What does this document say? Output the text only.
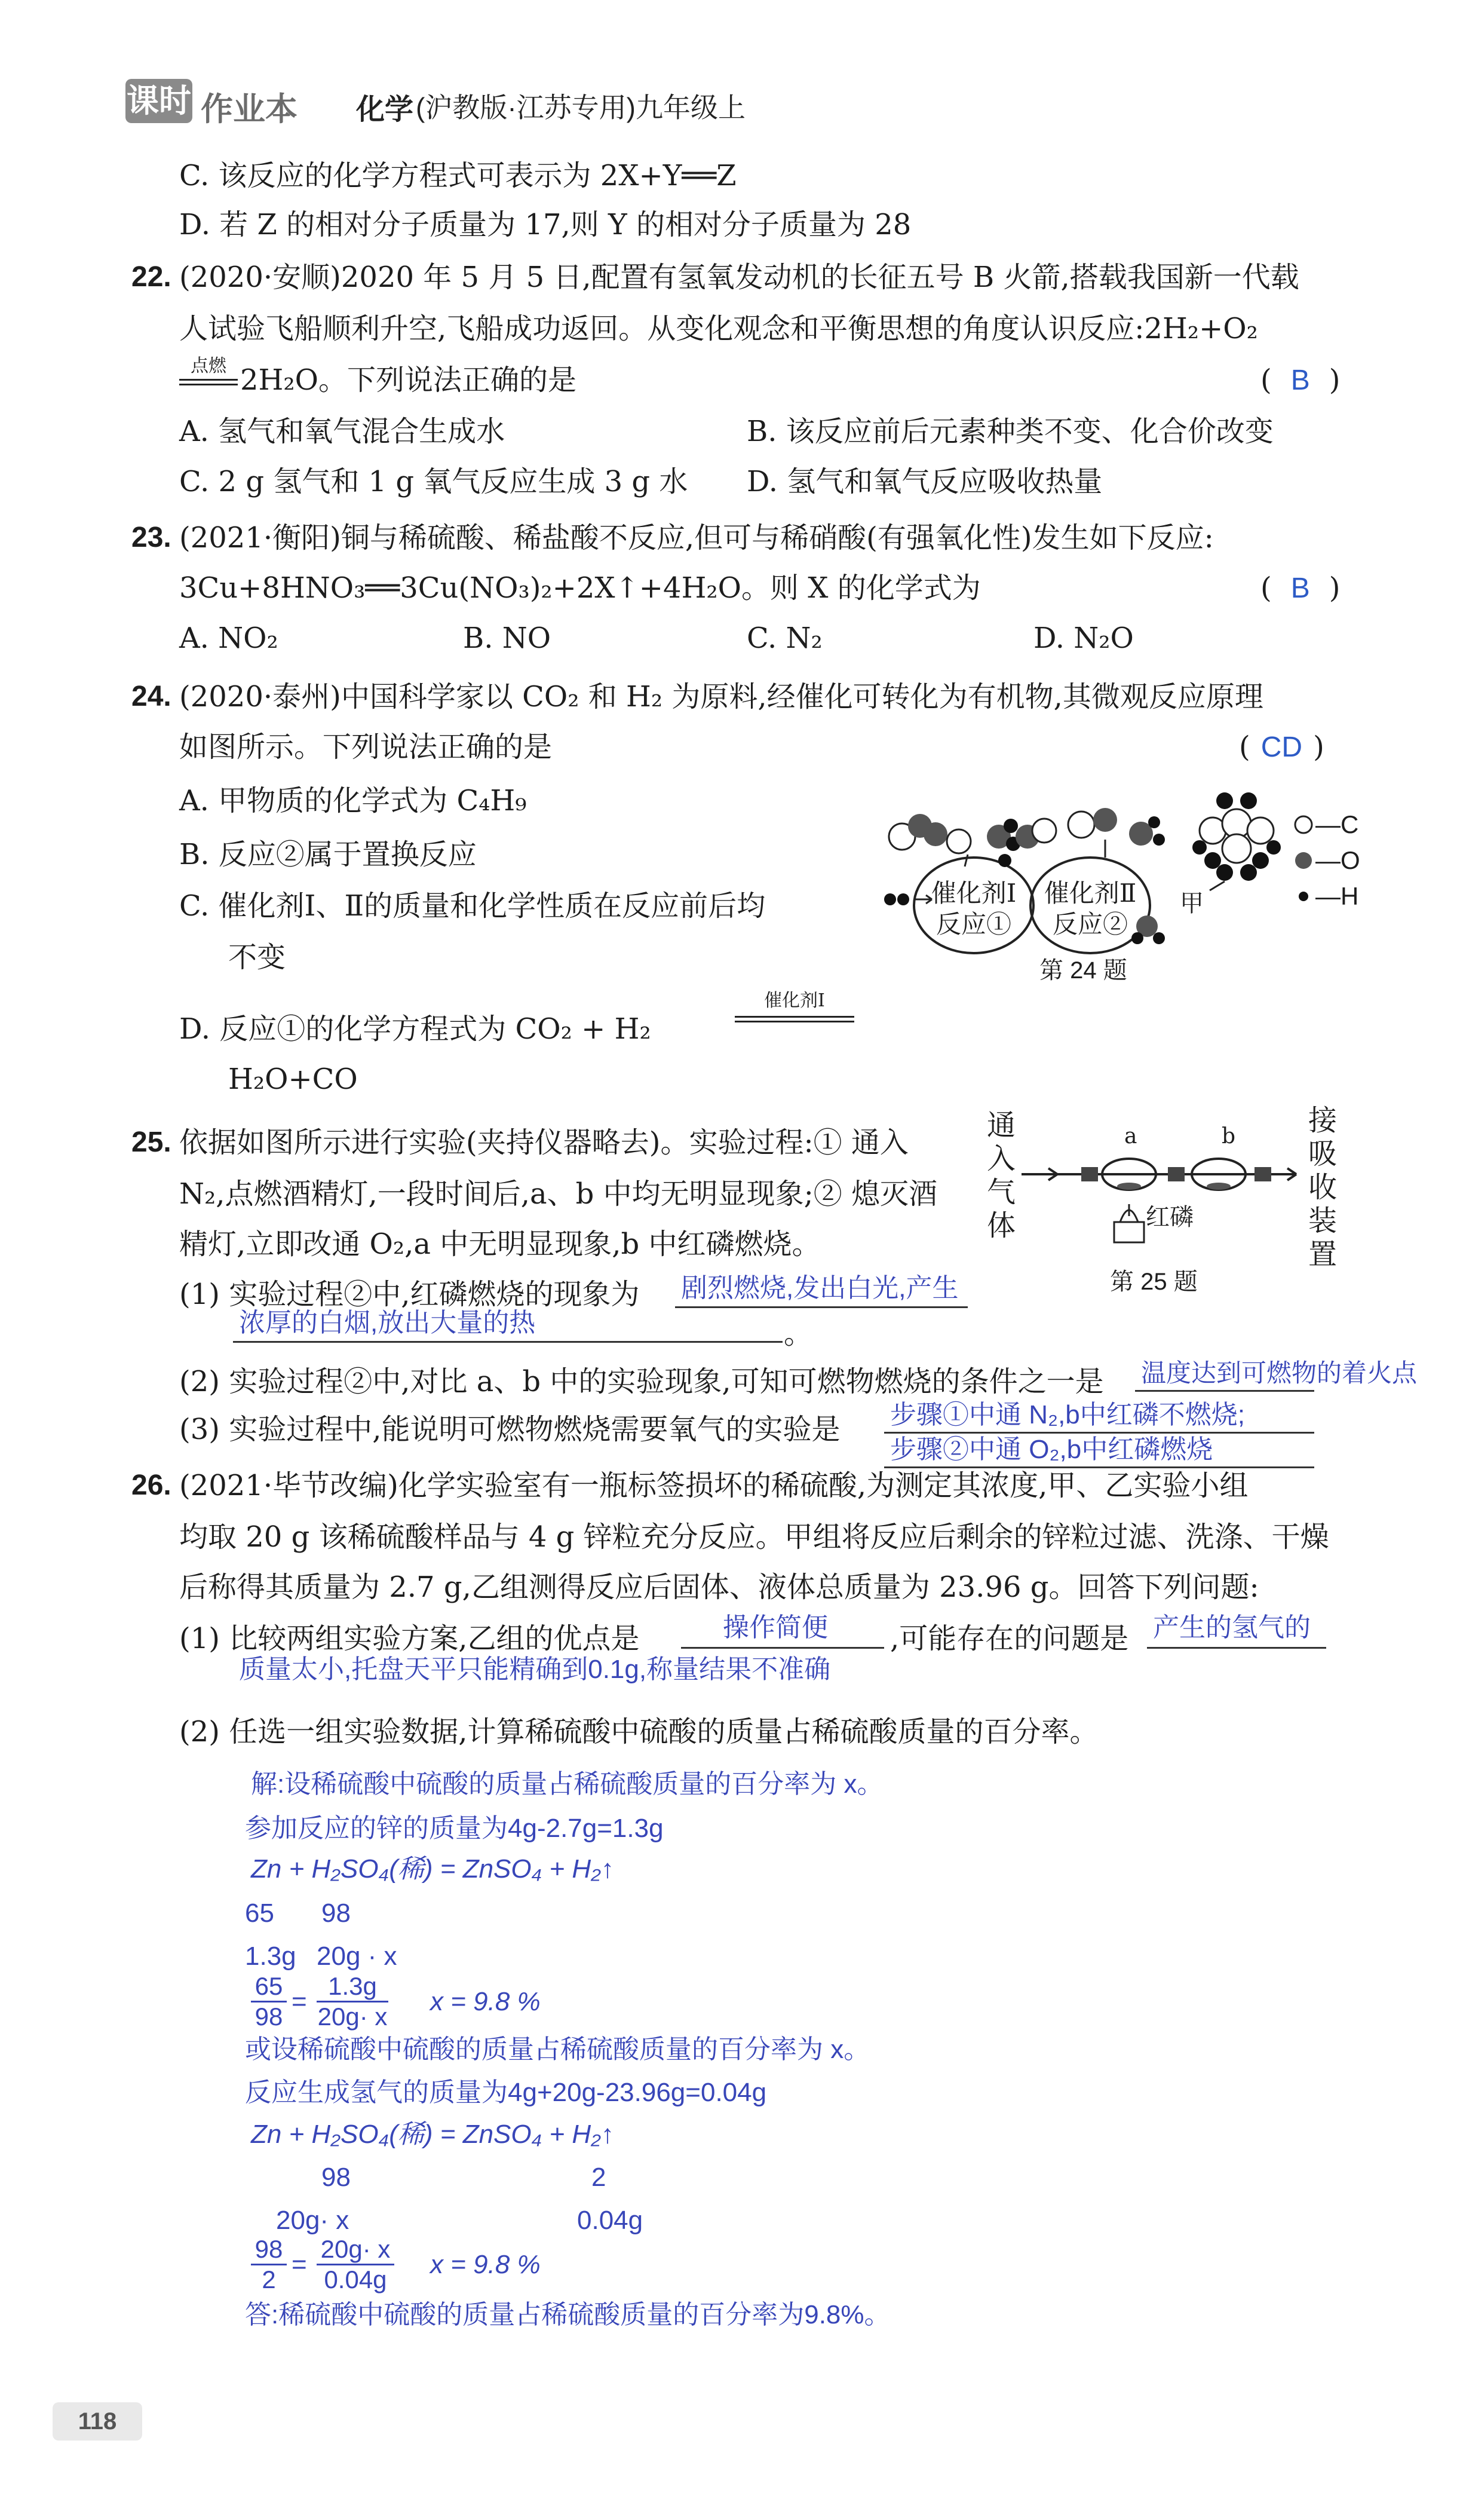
课时 作业本 化学 (沪教版·江苏专用)九年级上
C. 该反应的化学方程式可表示为 2X+Y══Z
D. 若 Z 的相对分子质量为 17,则 Y 的相对分子质量为 28
22. (2020·安顺)2020 年 5 月 5 日,配置有氢氧发动机的长征五号 B 火箭,搭载我国新一代载
人试验飞船顺利升空,飞船成功返回。从变化观念和平衡思想的角度认识反应:2H₂+O₂
点燃 2H₂O。下列说法正确的是	( B )
A. 氢气和氧气混合生成水	B. 该反应前后元素种类不变、化合价改变
C. 2 g 氢气和 1 g 氧气反应生成 3 g 水 D. 氢气和氧气反应吸收热量
23. (2021·衡阳)铜与稀硫酸、稀盐酸不反应,但可与稀硝酸(有强氧化性)发生如下反应:
3Cu+8HNO₃══3Cu(NO₃)₂+2X↑+4H₂O。则 X 的化学式为	( B )
A. NO₂	B. NO	C. N₂	D. N₂O
24. (2020·泰州)中国科学家以 CO₂ 和 H₂ 为原料,经催化可转化为有机物,其微观反应原理
如图所示。下列说法正确的是	( CD )
A. 甲物质的化学式为 C₄H₉
B. 反应②属于置换反应
C. 催化剂Ⅰ、Ⅱ的质量和化学性质在反应前后均
不变
D. 反应①的化学方程式为 CO₂ + H₂
催化剂Ⅰ
H₂O+CO
催化剂Ⅰ
反应①
催化剂Ⅱ
反应②
甲
—C
—O
—H
第 24 题
25. 依据如图所示进行实验(夹持仪器略去)。实验过程:① 通入
N₂,点燃酒精灯,一段时间后,a、b 中均无明显现象;② 熄灭酒
精灯,立即改通 O₂,a 中无明显现象,b 中红磷燃烧。
(1) 实验过程②中,红磷燃烧的现象为 剧烈燃烧,发出白光,产生
浓厚的白烟,放出大量的热	。
(2) 实验过程②中,对比 a、b 中的实验现象,可知可燃物燃烧的条件之一是 温度达到可燃物的着火点
(3) 实验过程中,能说明可燃物燃烧需要氧气的实验是 步骤①中通 N₂,b中红磷不燃烧;
步骤②中通 O₂,b中红磷燃烧
通入气体
a	b
红磷
接吸收装置
第 25 题
26. (2021·毕节改编)化学实验室有一瓶标签损坏的稀硫酸,为测定其浓度,甲、乙实验小组
均取 20 g 该稀硫酸样品与 4 g 锌粒充分反应。甲组将反应后剩余的锌粒过滤、洗涤、干燥
后称得其质量为 2.7 g,乙组测得反应后固体、液体总质量为 23.96 g。回答下列问题:
(1) 比较两组实验方案,乙组的优点是	操作简便 ,可能存在的问题是 产生的氢气的
质量太小,托盘天平只能精确到0.1g,称量结果不准确
(2) 任选一组实验数据,计算稀硫酸中硫酸的质量占稀硫酸质量的百分率。
解:设稀硫酸中硫酸的质量占稀硫酸质量的百分率为 x。
参加反应的锌的质量为4g-2.7g=1.3g
Zn + H₂SO₄(稀) = ZnSO₄ + H₂↑
65 98
1.3g 20g · x
$\frac{65}{98} = \frac{1.3g}{20g\cdot x}$ x = 9.8 %
或设稀硫酸中硫酸的质量占稀硫酸质量的百分率为 x。
反应生成氢气的质量为4g+20g-23.96g=0.04g
Zn + H₂SO₄(稀) = ZnSO₄ + H₂↑
98	2
20g· x	0.04g
$\frac{98}{2} = \frac{20g\cdot x}{0.04g}$ x = 9.8 %
答:稀硫酸中硫酸的质量占稀硫酸质量的百分率为9.8%。
118
